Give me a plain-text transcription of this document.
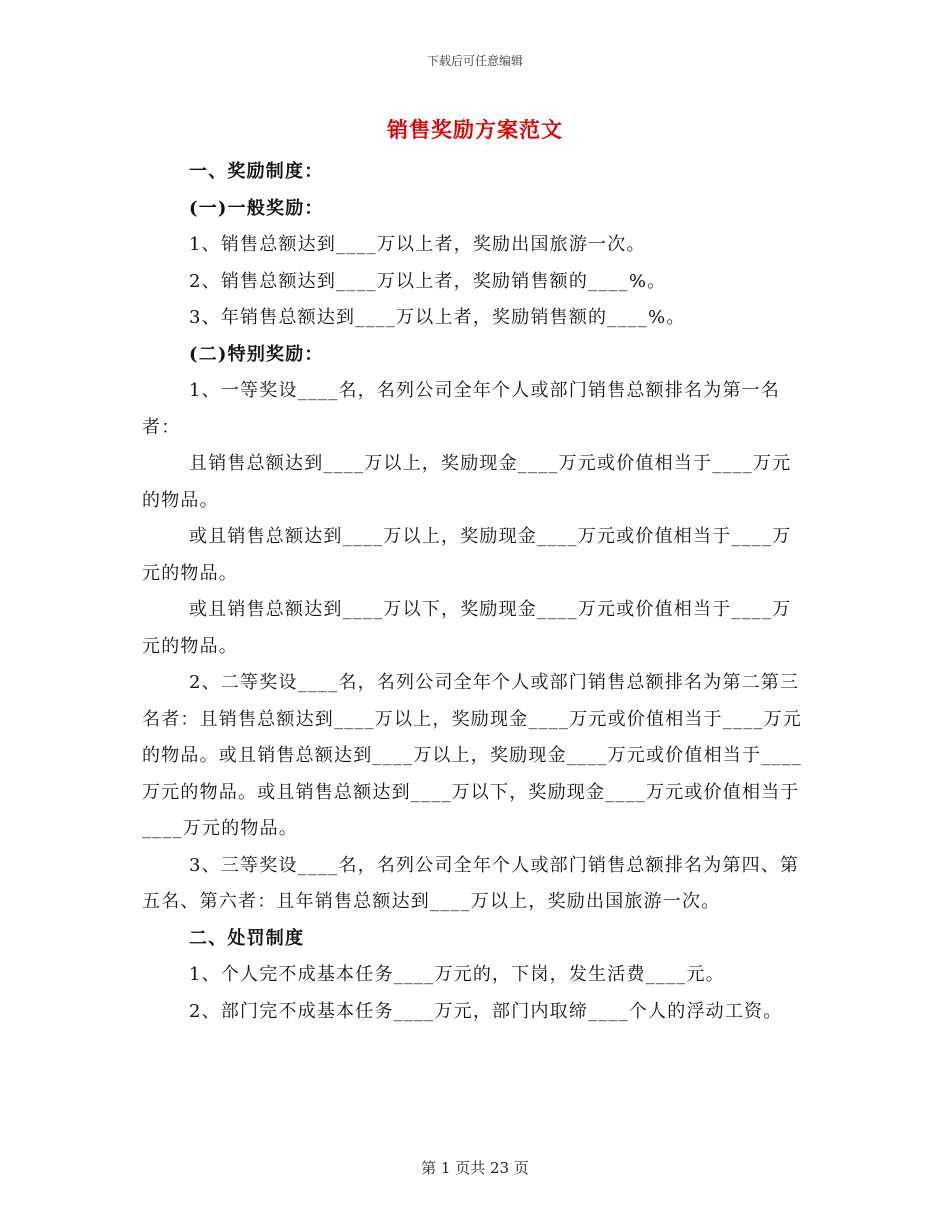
下载后可任意编辑
销售奖励方案范文

一、奖励制度：

(一)一般奖励：

1、销售总额达到____万以上者，奖励出国旅游一次。

2、销售总额达到____万以上者，奖励销售额的____%。

3、年销售总额达到____万以上者，奖励销售额的____%。

(二)特别奖励：

1、一等奖设____名，名列公司全年个人或部门销售总额排名为第一名者：

且销售总额达到____万以上，奖励现金____万元或价值相当于____万元的物品。

或且销售总额达到____万以上，奖励现金____万元或价值相当于____万元的物品。

或且销售总额达到____万以下，奖励现金____万元或价值相当于____万元的物品。

2、二等奖设____名，名列公司全年个人或部门销售总额排名为第二第三名者：且销售总额达到____万以上，奖励现金____万元或价值相当于____万元的物品。或且销售总额达到____万以上，奖励现金____万元或价值相当于____万元的物品。或且销售总额达到____万以下，奖励现金____万元或价值相当于____万元的物品。

3、三等奖设____名，名列公司全年个人或部门销售总额排名为第四、第五名、第六者：且年销售总额达到____万以上，奖励出国旅游一次。

二、处罚制度

1、个人完不成基本任务____万元的，下岗，发生活费____元。

2、部门完不成基本任务____万元，部门内取缔____个人的浮动工资。

第 1 页共 23 页
